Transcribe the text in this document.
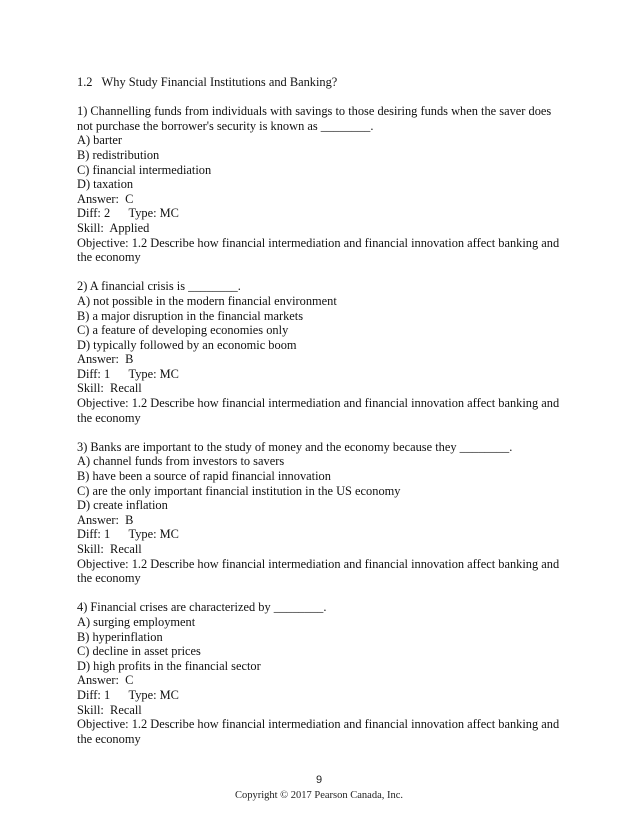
1.2   Why Study Financial Institutions and Banking?
1) Channelling funds from individuals with savings to those desiring funds when the saver does not purchase the borrower's security is known as ________.
A) barter
B) redistribution
C) financial intermediation
D) taxation
Answer:  C
Diff: 2      Type: MC
Skill:  Applied
Objective: 1.2 Describe how financial intermediation and financial innovation affect banking and the economy
2) A financial crisis is ________.
A) not possible in the modern financial environment
B) a major disruption in the financial markets
C) a feature of developing economies only
D) typically followed by an economic boom
Answer:  B
Diff: 1      Type: MC
Skill:  Recall
Objective: 1.2 Describe how financial intermediation and financial innovation affect banking and the economy
3) Banks are important to the study of money and the economy because they ________.
A) channel funds from investors to savers
B) have been a source of rapid financial innovation
C) are the only important financial institution in the US economy
D) create inflation
Answer:  B
Diff: 1      Type: MC
Skill:  Recall
Objective: 1.2 Describe how financial intermediation and financial innovation affect banking and the economy
4) Financial crises are characterized by ________.
A) surging employment
B) hyperinflation
C) decline in asset prices
D) high profits in the financial sector
Answer:  C
Diff: 1      Type: MC
Skill:  Recall
Objective: 1.2 Describe how financial intermediation and financial innovation affect banking and the economy
9
Copyright © 2017 Pearson Canada, Inc.
